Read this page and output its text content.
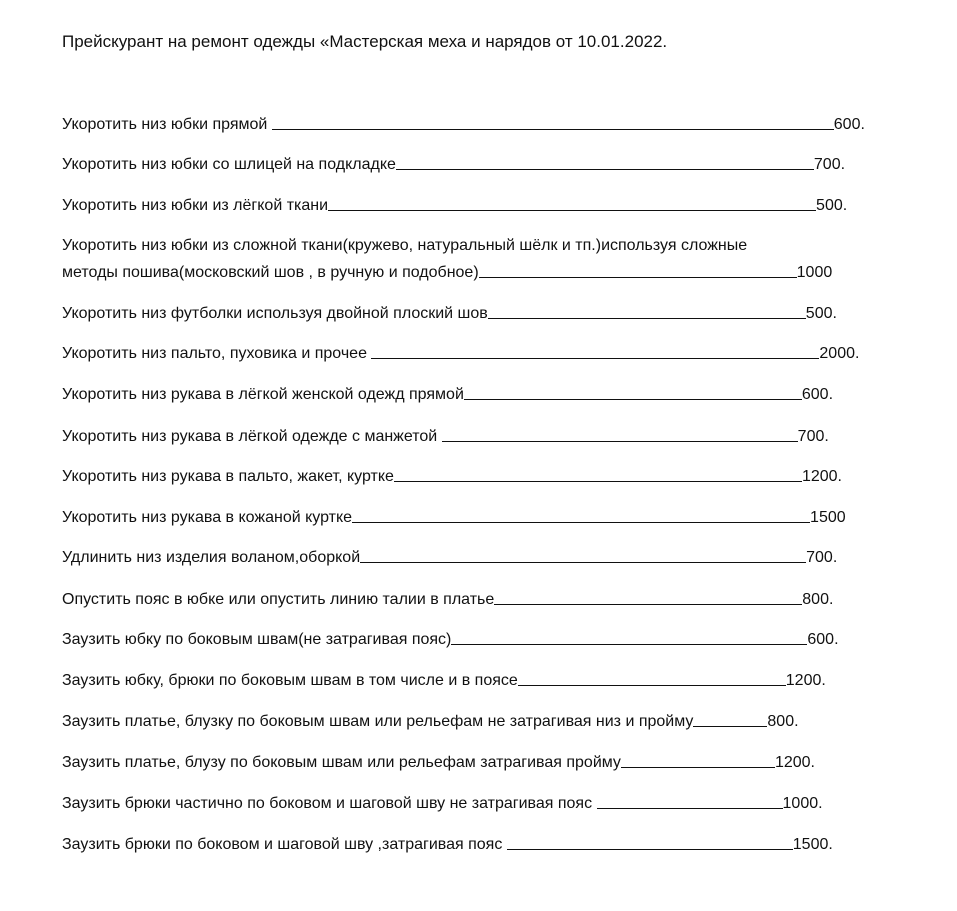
Прейскурант на ремонт одежды «Мастерская меха и нарядов от 10.01.2022.
Укоротить низ юбки прямой	600.
Укоротить низ юбки со шлицей на подкладке	700.
Укоротить низ юбки из лёгкой ткани	500.
Укоротить низ юбки из сложной ткани(кружево, натуральный шёлк и тп.)используя сложные
методы пошива(московский шов , в ручную и подобное)	1000
Укоротить низ футболки используя двойной плоский шов	500.
Укоротить низ пальто, пуховика и прочее	2000.
Укоротить низ рукава в лёгкой женской одежд прямой	600.
Укоротить низ рукава в лёгкой одежде с манжетой	700.
Укоротить низ рукава в пальто, жакет, куртке	1200.
Укоротить низ рукава в кожаной куртке	1500
Удлинить низ изделия воланом,оборкой	700.
Опустить пояс в юбке или опустить линию талии в платье	800.
Заузить юбку по боковым швам(не затрагивая пояс)	600.
Заузить юбку, брюки по боковым швам в том числе и в поясе	1200.
Заузить платье, блузку по боковым швам или рельефам не затрагивая низ и пройму	800.
Заузить платье, блузу по боковым швам или рельефам затрагивая пройму	1200.
Заузить брюки частично по боковом и шаговой шву не затрагивая пояс	1000.
Заузить брюки по боковом и шаговой шву ,затрагивая пояс	1500.
